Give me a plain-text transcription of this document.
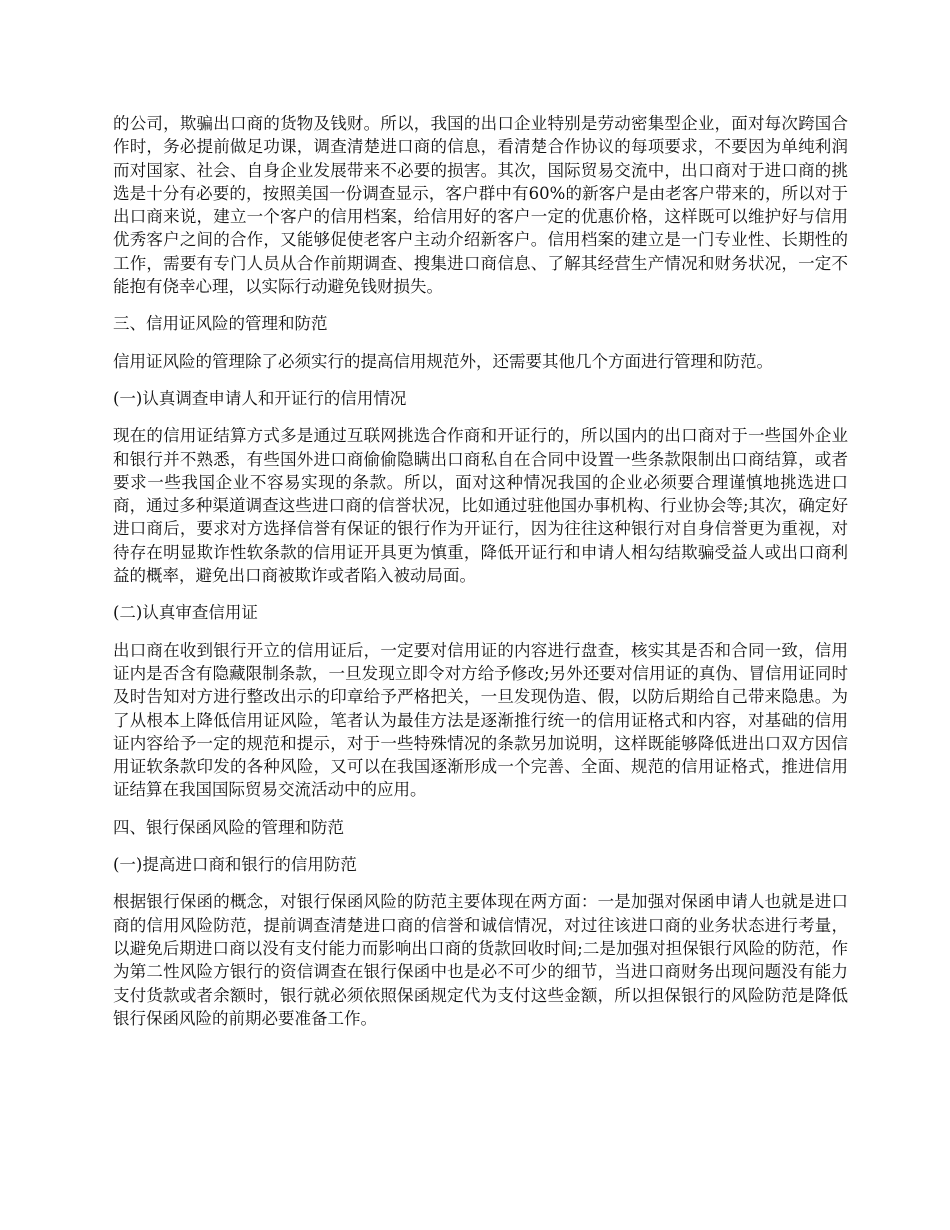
的公司，欺骗出口商的货物及钱财。所以，我国的出口企业特别是劳动密集型企业，面对每次跨国合作时，务必提前做足功课，调查清楚进口商的信息，看清楚合作协议的每项要求，不要因为单纯利润而对国家、社会、自身企业发展带来不必要的损害。其次，国际贸易交流中，出口商对于进口商的挑选是十分有必要的，按照美国一份调查显示，客户群中有60%的新客户是由老客户带来的，所以对于出口商来说，建立一个客户的信用档案，给信用好的客户一定的优惠价格，这样既可以维护好与信用优秀客户之间的合作，又能够促使老客户主动介绍新客户。信用档案的建立是一门专业性、长期性的工作，需要有专门人员从合作前期调查、搜集进口商信息、了解其经营生产情况和财务状况，一定不能抱有侥幸心理，以实际行动避免钱财损失。

三、信用证风险的管理和防范

信用证风险的管理除了必须实行的提高信用规范外，还需要其他几个方面进行管理和防范。

(一)认真调查申请人和开证行的信用情况

现在的信用证结算方式多是通过互联网挑选合作商和开证行的，所以国内的出口商对于一些国外企业和银行并不熟悉，有些国外进口商偷偷隐瞒出口商私自在合同中设置一些条款限制出口商结算，或者要求一些我国企业不容易实现的条款。所以，面对这种情况我国的企业必须要合理谨慎地挑选进口商，通过多种渠道调查这些进口商的信誉状况，比如通过驻他国办事机构、行业协会等;其次，确定好进口商后，要求对方选择信誉有保证的银行作为开证行，因为往往这种银行对自身信誉更为重视，对待存在明显欺诈性软条款的信用证开具更为慎重，降低开证行和申请人相勾结欺骗受益人或出口商利益的概率，避免出口商被欺诈或者陷入被动局面。

(二)认真审查信用证

出口商在收到银行开立的信用证后，一定要对信用证的内容进行盘查，核实其是否和合同一致，信用证内是否含有隐藏限制条款，一旦发现立即令对方给予修改;另外还要对信用证的真伪、冒信用证同时及时告知对方进行整改出示的印章给予严格把关，一旦发现伪造、假，以防后期给自己带来隐患。为了从根本上降低信用证风险，笔者认为最佳方法是逐渐推行统一的信用证格式和内容，对基础的信用证内容给予一定的规范和提示，对于一些特殊情况的条款另加说明，这样既能够降低进出口双方因信用证软条款印发的各种风险，又可以在我国逐渐形成一个完善、全面、规范的信用证格式，推进信用证结算在我国国际贸易交流活动中的应用。

四、银行保函风险的管理和防范

(一)提高进口商和银行的信用防范

根据银行保函的概念，对银行保函风险的防范主要体现在两方面：一是加强对保函申请人也就是进口商的信用风险防范，提前调查清楚进口商的信誉和诚信情况，对过往该进口商的业务状态进行考量，以避免后期进口商以没有支付能力而影响出口商的货款回收时间;二是加强对担保银行风险的防范，作为第二性风险方银行的资信调查在银行保函中也是必不可少的细节，当进口商财务出现问题没有能力支付货款或者余额时，银行就必须依照保函规定代为支付这些金额，所以担保银行的风险防范是降低银行保函风险的前期必要准备工作。
